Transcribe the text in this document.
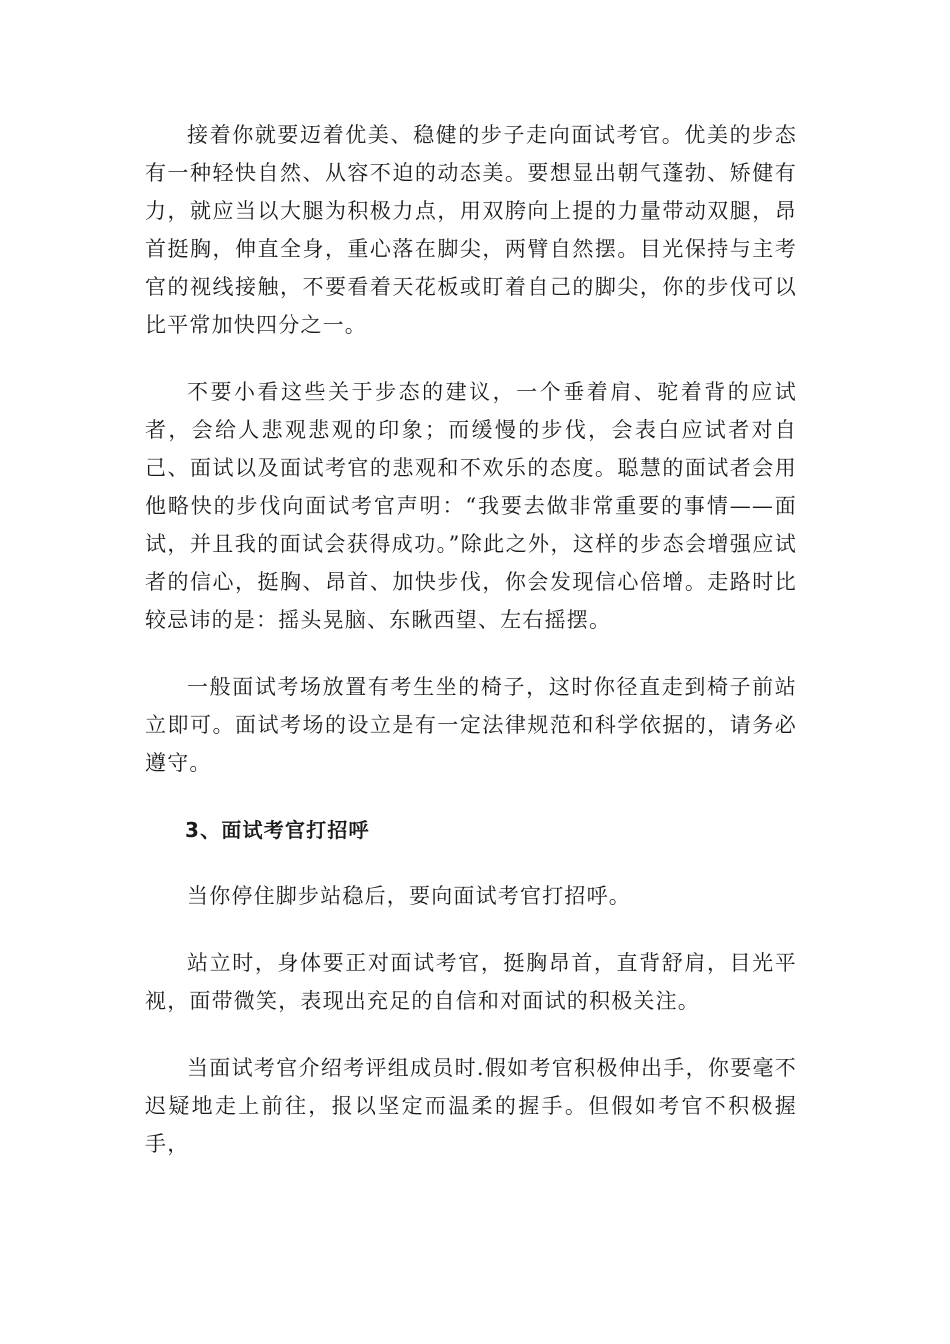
接着你就要迈着优美、稳健的步子走向面试考官。优美的步态有一种轻快自然、从容不迫的动态美。要想显出朝气蓬勃、矫健有力，就应当以大腿为积极力点，用双胯向上提的力量带动双腿，昂首挺胸，伸直全身，重心落在脚尖，两臂自然摆。目光保持与主考官的视线接触，不要看着天花板或盯着自己的脚尖，你的步伐可以比平常加快四分之一。

不要小看这些关于步态的建议，一个垂着肩、驼着背的应试者，会给人悲观悲观的印象；而缓慢的步伐，会表白应试者对自己、面试以及面试考官的悲观和不欢乐的态度。聪慧的面试者会用他略快的步伐向面试考官声明：“我要去做非常重要的事情——面试，并且我的面试会获得成功。”除此之外，这样的步态会增强应试者的信心，挺胸、昂首、加快步伐，你会发现信心倍增。走路时比较忌讳的是：摇头晃脑、东瞅西望、左右摇摆。

一般面试考场放置有考生坐的椅子，这时你径直走到椅子前站立即可。面试考场的设立是有一定法律规范和科学依据的，请务必遵守。

3、面试考官打招呼

当你停住脚步站稳后，要向面试考官打招呼。

站立时，身体要正对面试考官，挺胸昂首，直背舒肩，目光平视，面带微笑，表现出充足的自信和对面试的积极关注。

当面试考官介绍考评组成员时.假如考官积极伸出手，你要毫不迟疑地走上前往，报以坚定而温柔的握手。但假如考官不积极握手，
